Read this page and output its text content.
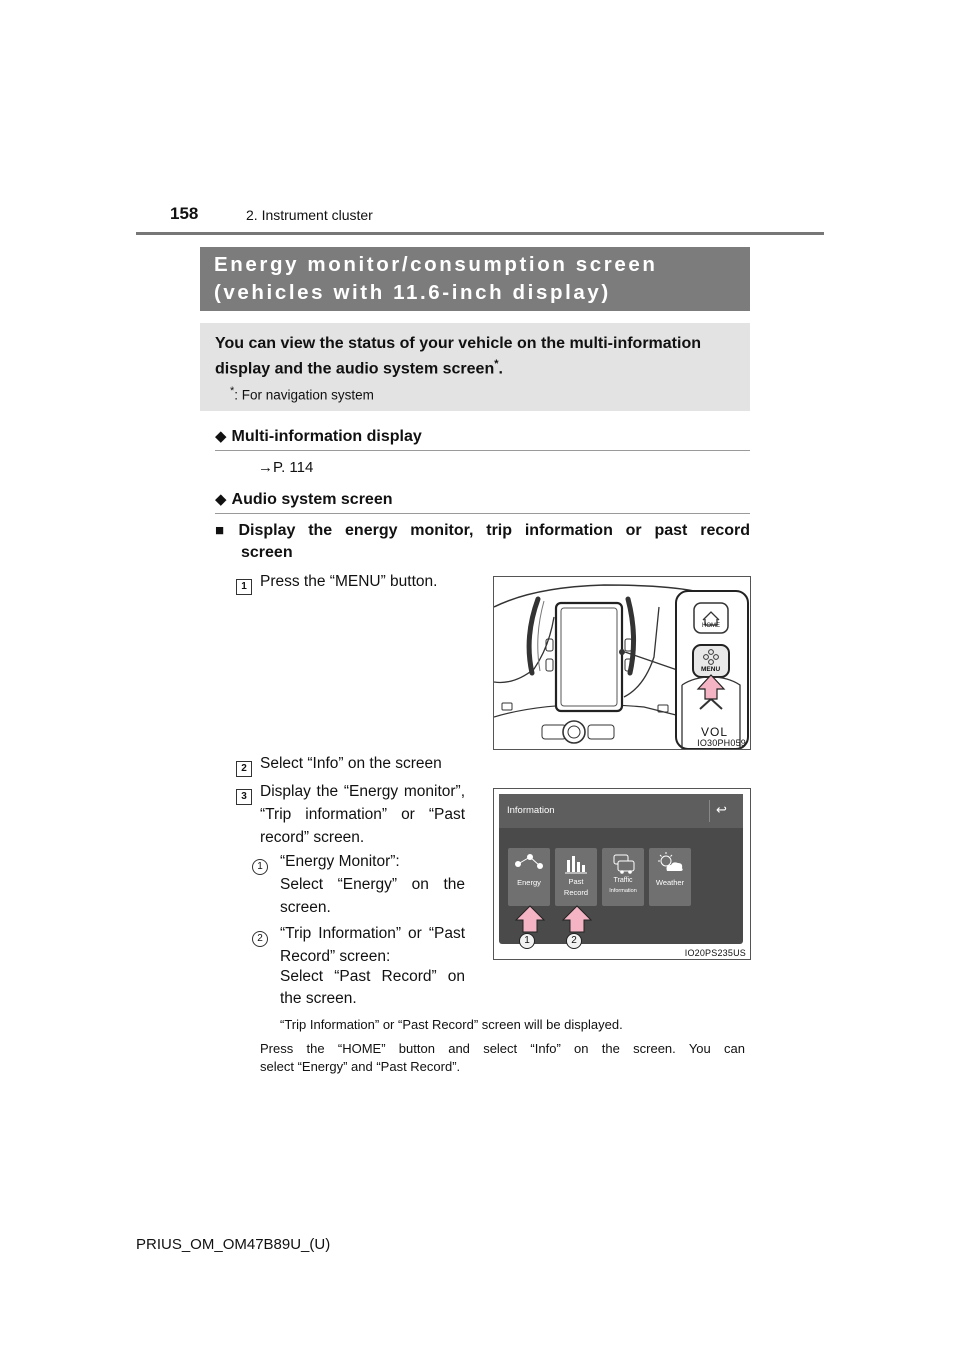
158	2. Instrument cluster
Energy monitor/consumption screen
(vehicles with 11.6-inch display)
You can view the status of your vehicle on the multi-information
display and the audio system screen*.
*: For navigation system
◆ Multi-information display
→P. 114
◆ Audio system screen
■ Display the energy monitor, trip information or past record
screen
1 Press the “MENU” button.
HOME
MENU
VOL
IO30PH059
2 Select “Info” on the screen
3 Display the “Energy monitor”,
“Trip information” or “Past
record” screen.
1	“Energy Monitor”:
Select “Energy” on the
screen.
2	“Trip Information” or “Past
Record” screen:
Select “Past Record” on
the screen.
Information	↩
Energy	Past
Record
Traffic
Information
Weather
1	2
IO20PS235US
“Trip Information” or “Past Record” screen will be displayed.
Press the “HOME” button and select “Info” on the screen. You can
select “Energy” and “Past Record”.
PRIUS_OM_OM47B89U_(U)
